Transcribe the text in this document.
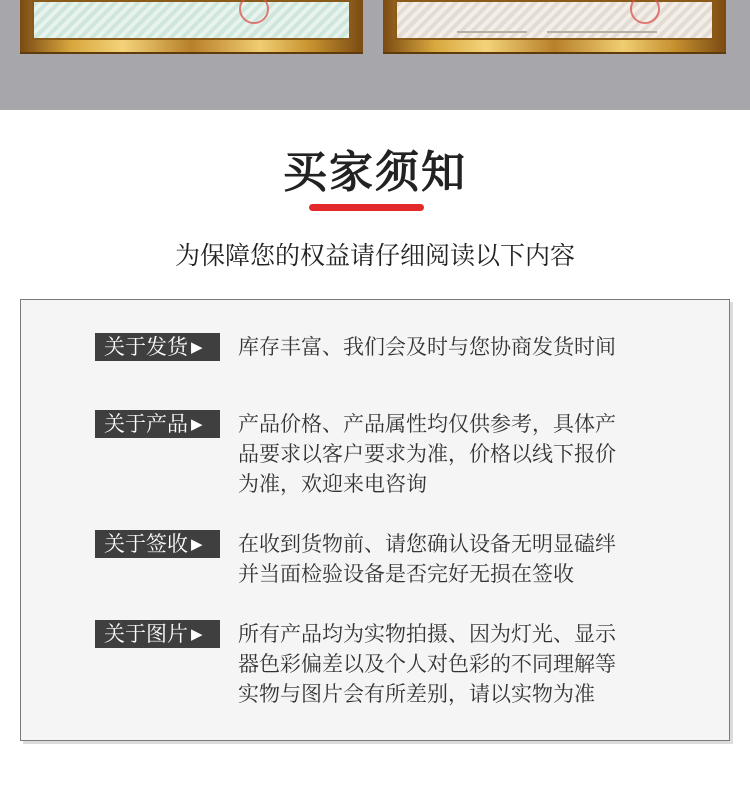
买家须知
为保障您的权益请仔细阅读以下内容
关于发货 ▶	库存丰富、我们会及时与您协商发货时间
关于产品 ▶	产品价格、产品属性均仅供参考，具体产
品要求以客户要求为准，价格以线下报价
为准，欢迎来电咨询
关于签收 ▶	在收到货物前、请您确认设备无明显磕绊
并当面检验设备是否完好无损在签收
关于图片 ▶	所有产品均为实物拍摄、因为灯光、显示
器色彩偏差以及个人对色彩的不同理解等
实物与图片会有所差别，请以实物为准
